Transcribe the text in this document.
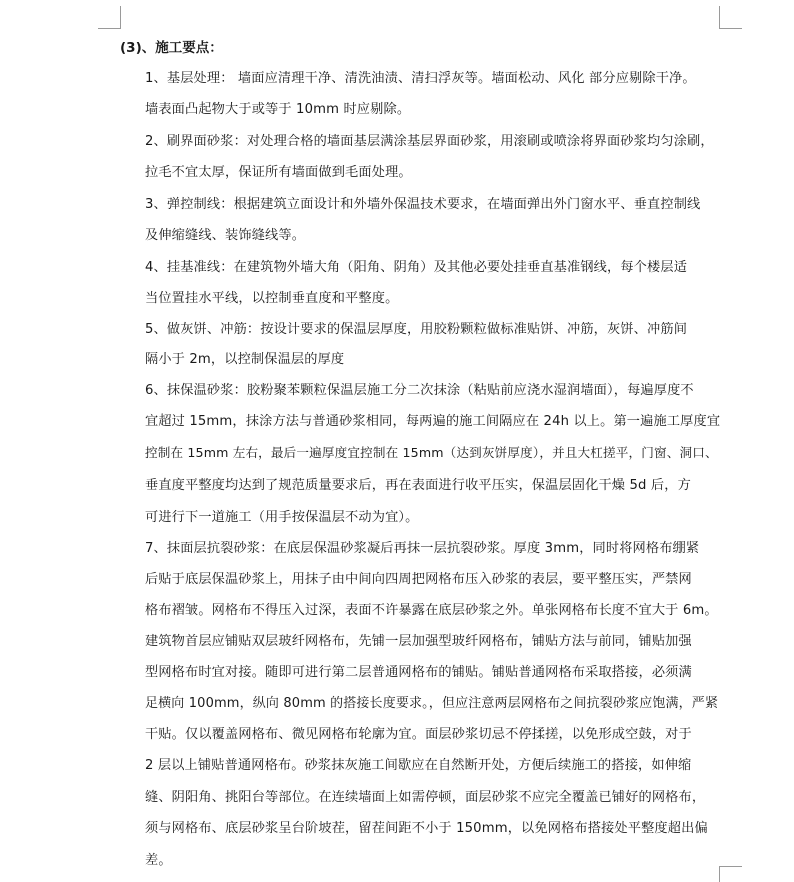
(3)、施工要点：
1、基层处理： 墙面应清理干净、清洗油渍、清扫浮灰等。墙面松动、风化 部分应剔除干净。
墙表面凸起物大于或等于 10mm 时应剔除。
2、刷界面砂浆：对处理合格的墙面基层满涂基层界面砂浆，用滚刷或喷涂将界面砂浆均匀涂刷，
拉毛不宜太厚，保证所有墙面做到毛面处理。
3、弹控制线：根据建筑立面设计和外墙外保温技术要求，在墙面弹出外门窗水平、垂直控制线
及伸缩缝线、装饰缝线等。
4、挂基准线：在建筑物外墙大角（阳角、阴角）及其他必要处挂垂直基准钢线，每个楼层适
当位置挂水平线，以控制垂直度和平整度。
5、做灰饼、冲筋：按设计要求的保温层厚度，用胶粉颗粒做标准贴饼、冲筋，灰饼、冲筋间
隔小于 2m，以控制保温层的厚度
6、抹保温砂浆：胶粉聚苯颗粒保温层施工分二次抹涂（粘贴前应浇水湿润墙面），每遍厚度不
宜超过 15mm，抹涂方法与普通砂浆相同，每两遍的施工间隔应在 24h 以上。第一遍施工厚度宜
控制在 15mm 左右，最后一遍厚度宜控制在 15mm（达到灰饼厚度），并且大杠搓平，门窗、洞口、
垂直度平整度均达到了规范质量要求后，再在表面进行收平压实，保温层固化干燥 5d 后，方
可进行下一道施工（用手按保温层不动为宜）。
7、抹面层抗裂砂浆：在底层保温砂浆凝后再抹一层抗裂砂浆。厚度 3mm，同时将网格布绷紧
后贴于底层保温砂浆上，用抹子由中间向四周把网格布压入砂浆的表层，要平整压实，严禁网
格布褶皱。网格布不得压入过深，表面不许暴露在底层砂浆之外。单张网格布长度不宜大于 6m。
建筑物首层应铺贴双层玻纤网格布，先铺一层加强型玻纤网格布，铺贴方法与前同，铺贴加强
型网格布时宜对接。随即可进行第二层普通网格布的铺贴。铺贴普通网格布采取搭接，必须满
足横向 100mm，纵向 80mm 的搭接长度要求。，但应注意两层网格布之间抗裂砂浆应饱满，严紧
干贴。仅以覆盖网格布、微见网格布轮廓为宜。面层砂浆切忌不停揉搓，以免形成空鼓，对于
2 层以上铺贴普通网格布。砂浆抹灰施工间歇应在自然断开处，方便后续施工的搭接，如伸缩
缝、阴阳角、挑阳台等部位。在连续墙面上如需停顿，面层砂浆不应完全覆盖已铺好的网格布，
须与网格布、底层砂浆呈台阶坡茬，留茬间距不小于 150mm，以免网格布搭接处平整度超出偏
差。
